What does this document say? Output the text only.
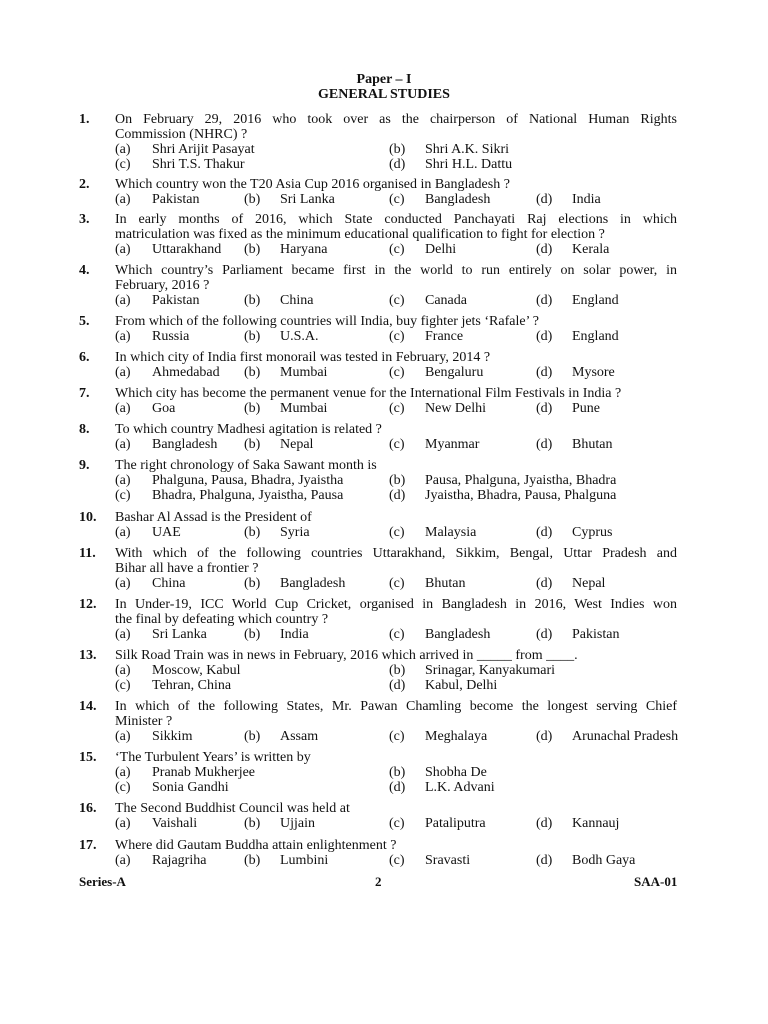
Paper – I
GENERAL STUDIES
1. On February 29, 2016 who took over as the chairperson of National Human Rights
Commission (NHRC) ?
(a) Shri Arijit Pasayat	(b) Shri A.K. Sikri
(c) Shri T.S. Thakur	(d) Shri H.L. Dattu
2. Which country won the T20 Asia Cup 2016 organised in Bangladesh ?
(a) Pakistan	(b) Sri Lanka	(c) Bangladesh	(d) India
3. In early months of 2016, which State conducted Panchayati Raj elections in which
matriculation was fixed as the minimum educational qualification to fight for election ?
(a) Uttarakhand (b) Haryana	(c) Delhi	(d) Kerala
4. Which country’s Parliament became first in the world to run entirely on solar power, in
February, 2016 ?
(a) Pakistan	(b) China	(c) Canada	(d) England
5. From which of the following countries will India, buy fighter jets ‘Rafale’ ?
(a) Russia	(b) U.S.A.	(c) France	(d) England
6. In which city of India first monorail was tested in February, 2014 ?
(a) Ahmedabad (b) Mumbai	(c) Bengaluru	(d) Mysore
7. Which city has become the permanent venue for the International Film Festivals in India ?
(a) Goa	(b) Mumbai	(c) New Delhi	(d) Pune
8. To which country Madhesi agitation is related ?
(a) Bangladesh (b) Nepal	(c) Myanmar	(d) Bhutan
9. The right chronology of Saka Sawant month is
(a) Phalguna, Pausa, Bhadra, Jyaistha	(b) Pausa, Phalguna, Jyaistha, Bhadra
(c) Bhadra, Phalguna, Jyaistha, Pausa	(d) Jyaistha, Bhadra, Pausa, Phalguna
10. Bashar Al Assad is the President of
(a) UAE	(b) Syria	(c) Malaysia	(d) Cyprus
11. With which of the following countries Uttarakhand, Sikkim, Bengal, Uttar Pradesh and
Bihar all have a frontier ?
(a) China	(b) Bangladesh	(c) Bhutan	(d) Nepal
12. In Under-19, ICC World Cup Cricket, organised in Bangladesh in 2016, West Indies won
the final by defeating which country ?
(a) Sri Lanka	(b) India	(c) Bangladesh	(d) Pakistan
13. Silk Road Train was in news in February, 2016 which arrived in _____ from ____.
(a) Moscow, Kabul	(b) Srinagar, Kanyakumari
(c) Tehran, China	(d) Kabul, Delhi
14. In which of the following States, Mr. Pawan Chamling become the longest serving Chief
Minister ?
(a) Sikkim	(b) Assam	(c) Meghalaya	(d) Arunachal Pradesh
15. ‘The Turbulent Years’ is written by
(a) Pranab Mukherjee	(b) Shobha De
(c) Sonia Gandhi	(d) L.K. Advani
16. The Second Buddhist Council was held at
(a) Vaishali	(b) Ujjain	(c) Pataliputra	(d) Kannauj
17. Where did Gautam Buddha attain enlightenment ?
(a) Rajagriha	(b) Lumbini	(c) Sravasti	(d) Bodh Gaya
Series-A	2	SAA-01
